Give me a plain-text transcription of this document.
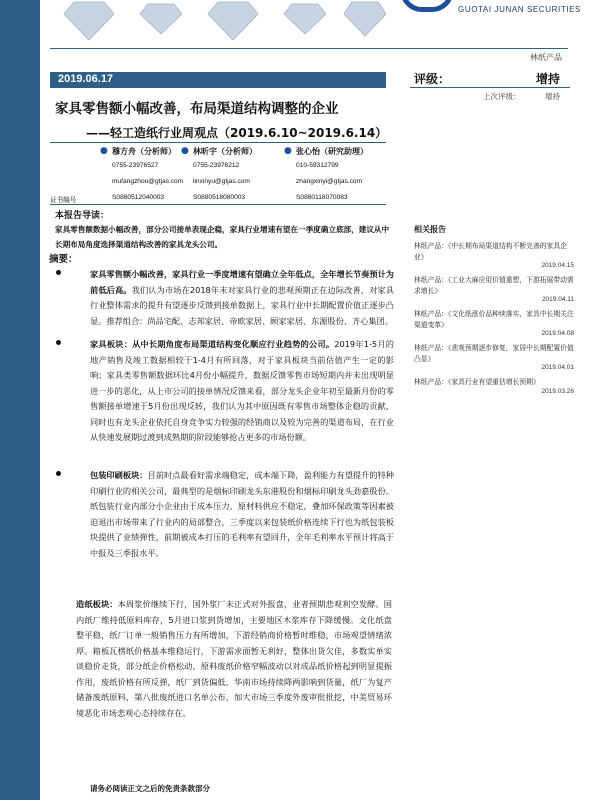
GUOTAI JUNAN SECURITIES
林纸产品
2019.06.17
家具零售额小幅改善，布局渠道结构调整的企业
——轻工造纸行业周观点（2019.6.10~2019.6.14）
评级：	增持
上次评级：	增持
证书编号
● 穆方舟（分析师）
0755-23976527
mufangzhou@gtjas.com
S0880512040003
● 林昕宇（分析师）
0755-23976212
linxinyu@gtjas.com
S0880518080003
● 张心怡（研究助理）
010-59312799
zhangxinyi@gtjas.com
S0880118070083
相关报告
林纸产品：《中长期布局渠道结构不断完善的家具企业》
2019.04.15
林纸产品：《工业大麻应用价值重塑，下游拓展带动需求增长》
2019.04.11
林纸产品：《文化纸涨价品种续落实，家具中长期关注渠道变革》
2019.04.08
林纸产品：《悲观预期逐步修复，家居中长期配置价值凸显》
2019.04.01
林纸产品：《家具行业有望重估增长预期》
2019.03.26
本报告导读：
家具零售额数据小幅改善，部分公司接单表现企稳，家具行业增速有望在一季度确立底部，建议从中长期布局角度选择渠道结构改善的家具龙头公司。
摘要：
家具零售额小幅改善，家具行业一季度增速有望确立全年低点，全年增长节奏预计为前低后高。我们认为市场在2018年末对家具行业的悲观预期正在边际改善，对家具行业整体需求的提升有望逐步反馈到接单数据上，家具行业中长期配置价值正逐步凸显。推荐组合：尚品宅配、志邦家居、帝欧家居、顾家家居、东源股份、齐心集团。
家具板块：从中长期角度布局渠道结构变化顺应行业趋势的公司。2019年1-5月的地产销售及竣工数据相较于1-4月有所回落，对于家具板块当前估值产生一定的影响；家具类零售额数据环比4月份小幅提升，数据反馈零售市场短期内并未出现明显进一步的恶化，从上市公司的接单情况反馈来看，部分龙头企业年初至最新月份的零售额接单增速于5月份出现反转，我们认为其中原因既有零售市场整体企稳的贡献，同时也有龙头企业依托自身竞争实力较强的经销商以及较为完善的渠道布局，在行业从快速发展期过渡到成熟期的阶段能够抢占更多的市场份额。
包装印刷板块：目前时点最看好需求端稳定，成本端下降，盈利能力有望提升的特种印刷行业的相关公司，最典型的是烟标印刷龙头东港股份和烟标印刷龙头劲嘉股份。纸包装行业内部分小企业由于成本压力，原材料供应不稳定，叠加环保政策等因素被迫退出市场带来了行业内的局部整合，三季度以来包装纸价格连续下行也为纸包装板块提供了业绩弹性，前期被成本打压的毛利率有望回升，全年毛利率水平预计将高于中报及三季报水平。
造纸板块：本周浆价继续下行，国外浆厂未正式对外报盘，业者预期悲观利空发酵。国内纸厂维持低原料库存，5月进口浆到货增加，主要地区木浆库存下降缓慢。文化纸盘整平稳，纸厂订单一般销售压力有所增加，下游经销商价格暂时维稳，市场观望情绪浓厚。箱板瓦楞纸价格基本维稳运行，下游需求面暂无利好，整体出货欠佳，多数实单实谈稳价走货，部分纸企价格松动，原料废纸价格窄幅波动以对成品纸价格起到明显提振作用，废纸价格有所反弹，纸厂到货偏低，华南市场持续降两影响到货量，纸厂为复产储备废纸原料，第八批废纸进口名单公布，加大市场三季度外废审批批挖，中美贸易环境恶化市场悲观心态持续存在。
请务必阅读正文之后的免责条款部分
